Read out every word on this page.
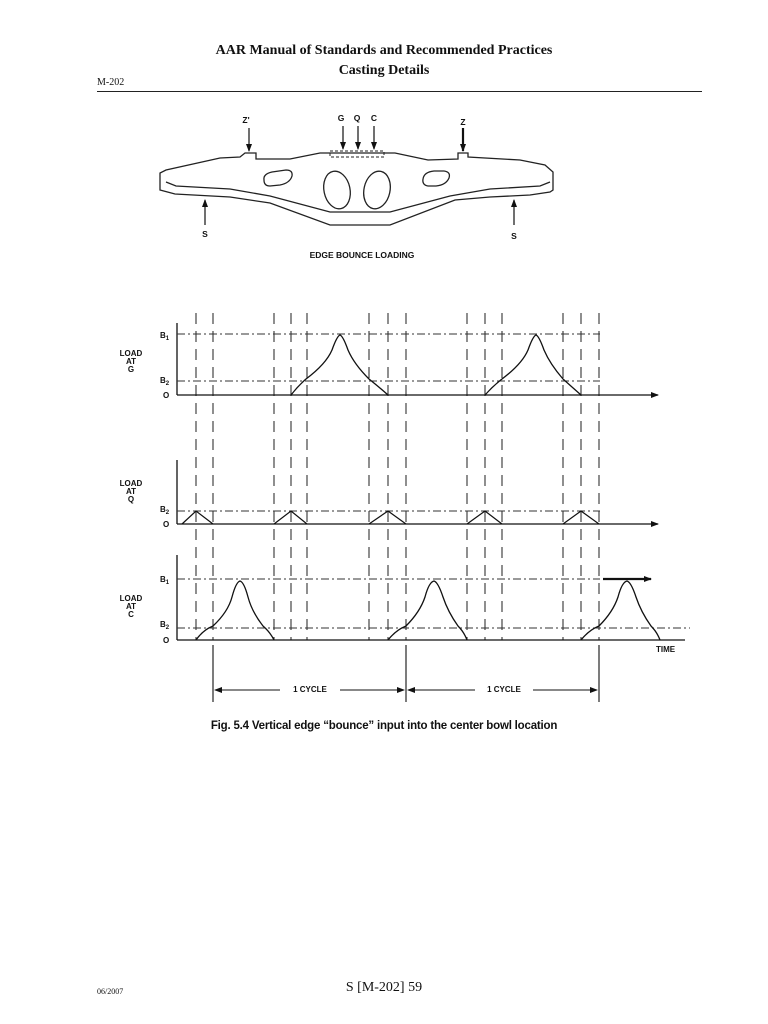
AAR Manual of Standards and Recommended Practices
Casting Details
M-202
Z'	G Q C	Z
S	S
EDGE BOUNCE LOADING
LOAD
AT
G
$B_1$
$B_2$
O
LOAD
AT
Q
$B_2$
O
LOAD
AT
C
$B_1$
$B_2$
O
TIME
1 CYCLE	1 CYCLE
Fig. 5.4 Vertical edge “bounce” input into the center bowl location
06/2007	S [M-202] 59
